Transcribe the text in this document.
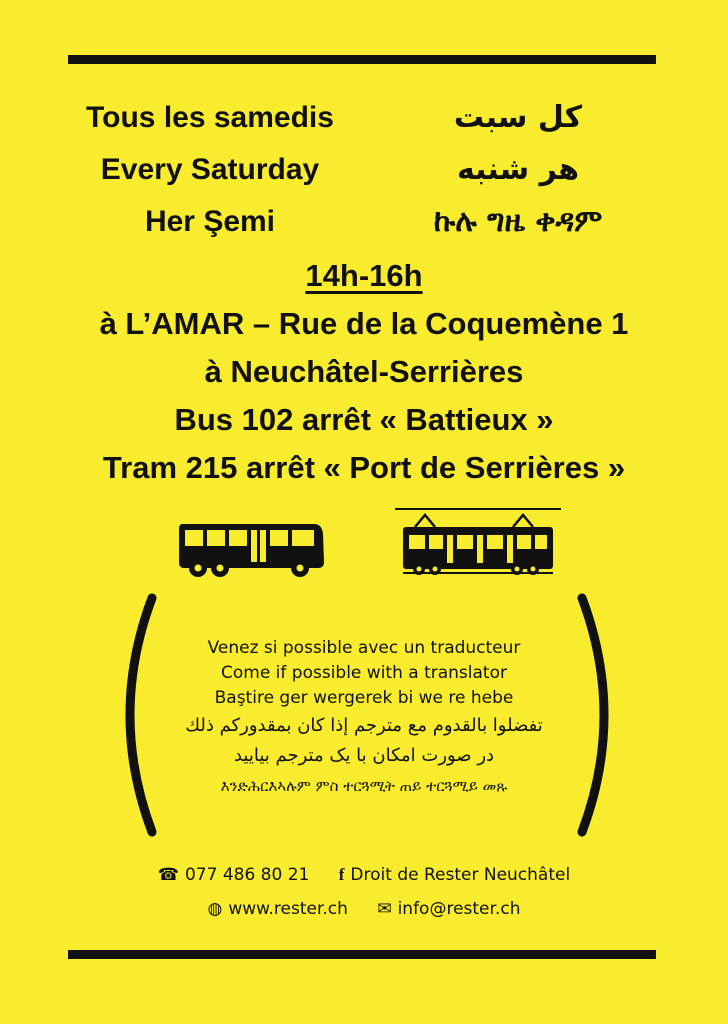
Tous les samedis
Every Saturday
Her Şemi
كل سبت
هر شنبه
ኩሉ ግዜ ቀዳም
14h-16h
à L’AMAR – Rue de la Coquemène 1
à Neuchâtel-Serrières
Bus 102 arrêt « Battieux »
Tram 215 arrêt « Port de Serrières »
Venez si possible avec un traducteur
Come if possible with a translator
Baştire ger wergerek bi we re hebe
تفضلوا بالقدوم مع مترجم إذا كان بمقدوركم ذلك
در صورت امکان با یک مترجم بیایید
እንድሕርእኣሉም ምስ ተርጓሚት ጠይ ተርጓሚይ መጹ
☎ 077 486 80 21 f Droit de Rester Neuchâtel
◍ www.rester.ch ✉ info@rester.ch
